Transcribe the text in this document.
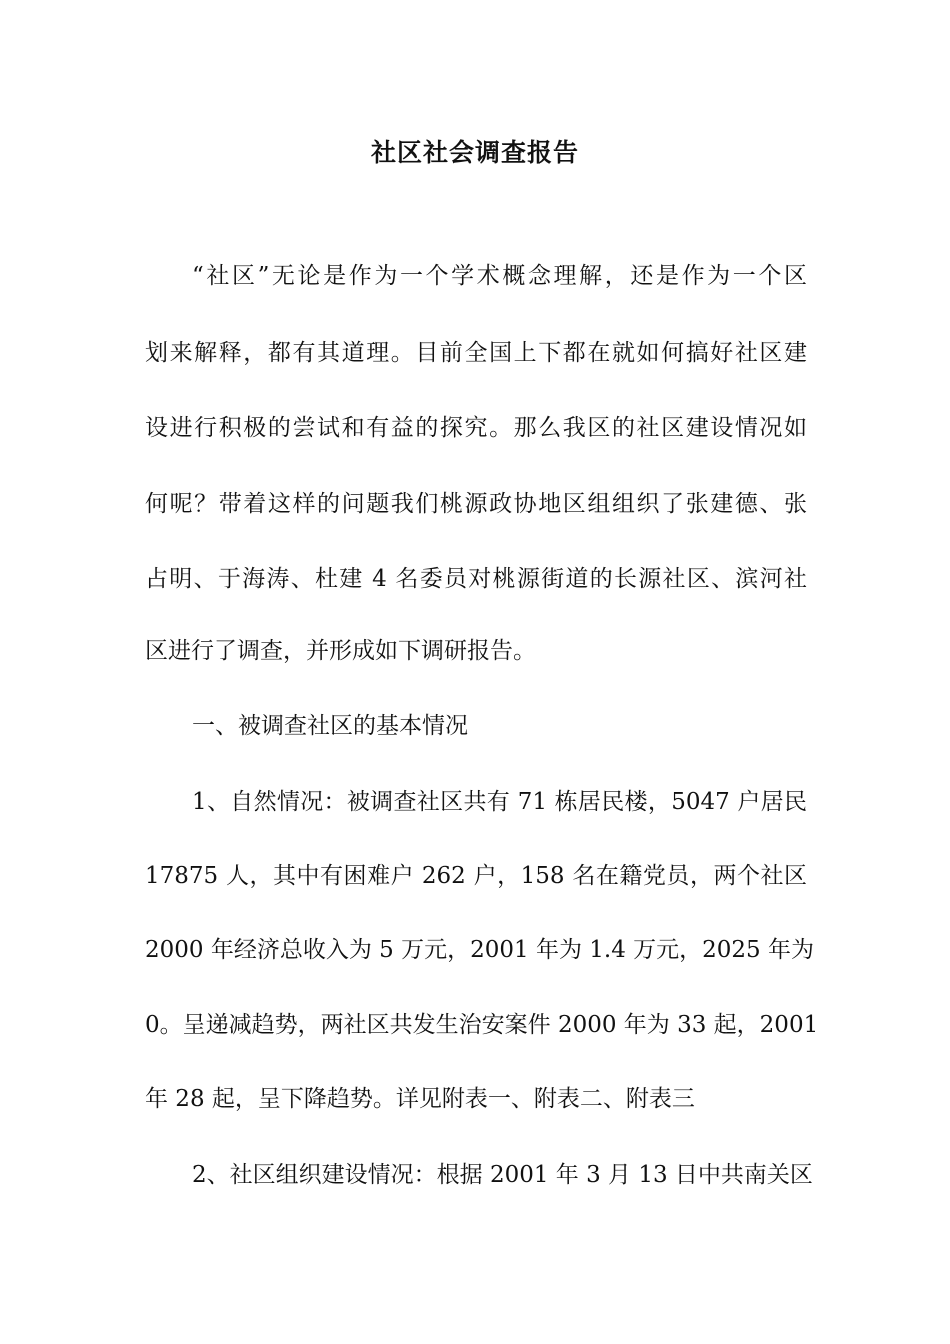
社区社会调查报告

“社区”无论是作为一个学术概念理解，还是作为一个区

划来解释，都有其道理。目前全国上下都在就如何搞好社区建

设进行积极的尝试和有益的探究。那么我区的社区建设情况如

何呢？带着这样的问题我们桃源政协地区组组织了张建德、张

占明、于海涛、杜建 4 名委员对桃源街道的长源社区、滨河社

区进行了调查，并形成如下调研报告。

一、被调查社区的基本情况

1、自然情况：被调查社区共有 71 栋居民楼，5047 户居民

17875 人，其中有困难户 262 户，158 名在籍党员，两个社区

2000 年经济总收入为 5 万元，2001 年为 1.4 万元，2025 年为

0。呈递减趋势，两社区共发生治安案件 2000 年为 33 起，2001

年 28 起，呈下降趋势。详见附表一、附表二、附表三

2、社区组织建设情况：根据 2001 年 3 月 13 日中共南关区
